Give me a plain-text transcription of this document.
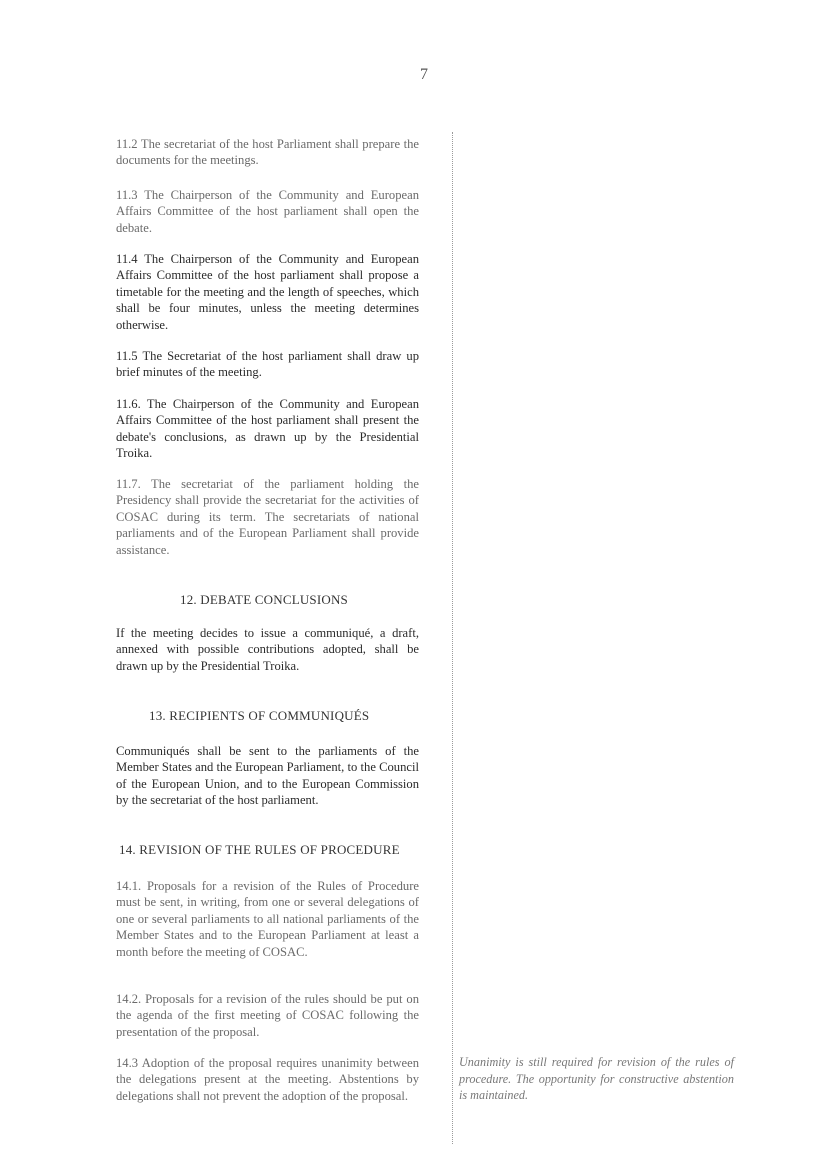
7
11.2 The secretariat of the host Parliament shall prepare the documents for the meetings.
11.3 The Chairperson of the Community and European Affairs Committee of the host parliament shall open the debate.
11.4 The Chairperson of the Community and European Affairs Committee of the host parliament shall propose a timetable for the meeting and the length of speeches, which shall be four minutes, unless the meeting determines otherwise.
11.5 The Secretariat of the host parliament shall draw up brief minutes of the meeting.
11.6. The Chairperson of the Community and European Affairs Committee of the host parliament shall present the debate's conclusions, as drawn up by the Presidential Troika.
11.7. The secretariat of the parliament holding the Presidency shall provide the secretariat for the activities of COSAC during its term. The secretariats of national parliaments and of the European Parliament shall provide assistance.
12. DEBATE CONCLUSIONS
If the meeting decides to issue a communiqué, a draft, annexed with possible contributions adopted, shall be drawn up by the Presidential Troika.
13. RECIPIENTS OF COMMUNIQUÉS
Communiqués shall be sent to the parliaments of the Member States and the European Parliament, to the Council of the European Union, and to the European Commission by the secretariat of the host parliament.
14. REVISION OF THE RULES OF PROCEDURE
14.1. Proposals for a revision of the Rules of Procedure must be sent, in writing, from one or several delegations of one or several parliaments to all national parliaments of the Member States and to the European Parliament at least a month before the meeting of COSAC.
14.2. Proposals for a revision of the rules should be put on the agenda of the first meeting of COSAC following the presentation of the proposal.
14.3 Adoption of the proposal requires unanimity between the delegations present at the meeting. Abstentions by delegations shall not prevent the adoption of the proposal.
Unanimity is still required for revision of the rules of procedure. The opportunity for constructive abstention is maintained.
